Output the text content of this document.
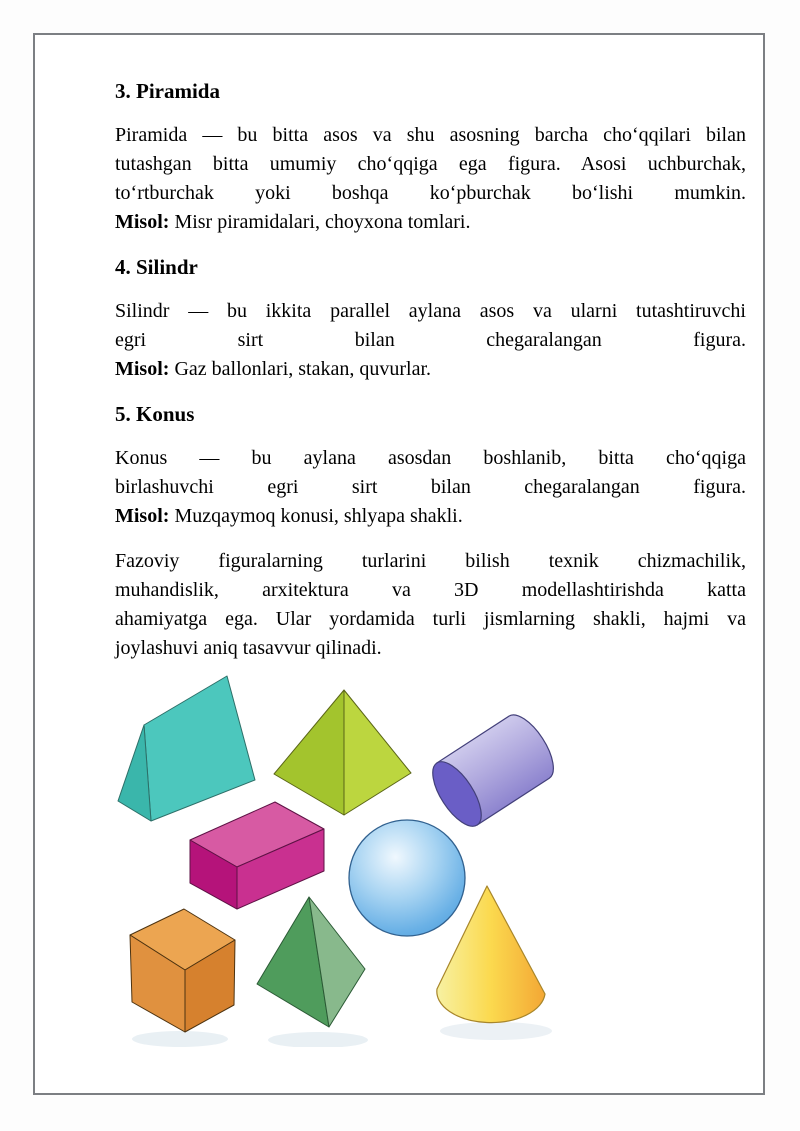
3. Piramida

Piramida — bu bitta asos va shu asosning barcha choʻqqilari bilan
tutashgan bitta umumiy choʻqqiga ega figura. Asosi uchburchak,
toʻrtburchak yoki boshqa koʻpburchak boʻlishi mumkin.
Misol: Misr piramidalari, choyxona tomlari.

4. Silindr

Silindr — bu ikkita parallel aylana asos va ularni tutashtiruvchi
egri sirt bilan chegaralangan figura.
Misol: Gaz ballonlari, stakan, quvurlar.

5. Konus

Konus — bu aylana asosdan boshlanib, bitta choʻqqiga
birlashuvchi egri sirt bilan chegaralangan figura.
Misol: Muzqaymoq konusi, shlyapa shakli.

Fazoviy figuralarning turlarini bilish texnik chizmachilik,
muhandislik, arxitektura va 3D modellashtirishda katta
ahamiyatga ega. Ular yordamida turli jismlarning shakli, hajmi va
joylashuvi aniq tasavvur qilinadi.
